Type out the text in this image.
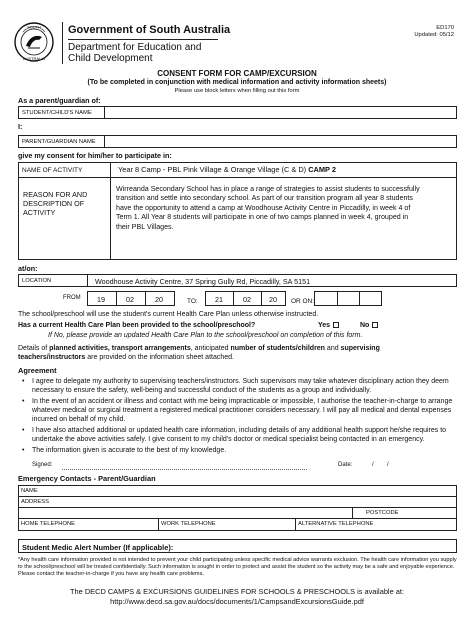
SOUTH
AUSTRALIA
Government of South Australia
Department for Education and
Child Development
ED170
Updated: 05/12
CONSENT FORM FOR CAMP/EXCURSION
(To be completed in conjunction with medical information and activity information sheets)
Please use block letters when filling out this form
As a parent/guardian of:
STUDENT/CHILD'S NAME
I:
PARENT/GUARDIAN NAME
give my consent for him/her to participate in:
NAME OF ACTIVITY	Year 8 Camp - PBL Pink Village & Orange Village (C & D) CAMP 2
REASON FOR AND
DESCRIPTION OF
ACTIVITY
Wirreanda Secondary School has in place a range of strategies to assist students to successfully
transition and settle into secondary school. As part of our transition program all year 8 students
have the opportunity to attend a camp at Woodhouse Activity Centre in Piccadilly, in week 4 of
Term 1. All Year 8 students will participate in one of two camps planned in week 4, grouped in
their PBL Villages.
at/on:
LOCATION	Woodhouse Activity Centre, 37 Spring Gully Rd, Piccadilly, SA 5151
FROM 19	02	20	TO: 21	02	20 OR ON:
The school/preschool will use the student's current Health Care Plan unless otherwise instructed.
Has a current Health Care Plan been provided to the school/preschool?	Yes	No
If No, please provide an updated Health Care Plan to the school/preschool on completion of this form.
Details of planned activities, transport arrangements, anticipated number of students/children and supervising
teachers/instructors are provided on the information sheet attached.
Agreement
• I agree to delegate my authority to supervising teachers/instructors. Such supervisors may take whatever disciplinary action they deem necessary to ensure the safety, well-being and successful conduct of the students as a group and individually.
• In the event of an accident or illness and contact with me being impracticable or impossible, I authorise the teacher-in-charge to arrange whatever medical or surgical treatment a registered medical practitioner considers necessary. I will pay all medical and dental expenses incurred on behalf of my child.
• I have also attached additional or updated health care information, including details of any additional health support he/she requires to undertake the above activities safely. I give consent to my child's doctor or medical specialist being contacted in an emergency.
• The information given is accurate to the best of my knowledge.
Signed:	Date:	/        /
Emergency Contacts - Parent/Guardian
NAME
ADDRESS
POSTCODE
HOME TELEPHONE	WORK TELEPHONE	ALTERNATIVE TELEPHONE
Student Medic Alert Number (If applicable):
*Any health care information provided is not intended to prevent your child participating unless specific medical advice warrants exclusion. The health care information you supply to the school/preschool will be treated confidentially. Such information is sought in order to protect and assist the student so the activity may be a safe and enjoyable experience. Please contact the teacher-in-charge if you have any health care problems.
The DECD CAMPS & EXCURSIONS GUIDELINES FOR SCHOOLS & PRESCHOOLS is available at:
http://www.decd.sa.gov.au/docs/documents/1/CampsandExcursionsGuide.pdf
